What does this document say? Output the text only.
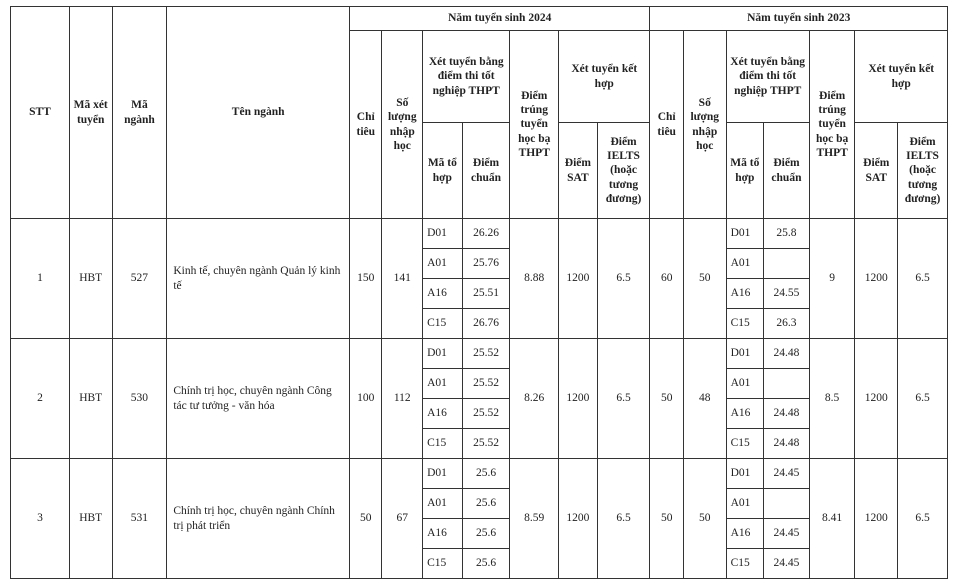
STT	Mã xét tuyển	Mã ngành	Tên ngành	Năm tuyển sinh 2024							Năm tuyển sinh 2023						
				Chỉ tiêu	Số lượng nhập học	Xét tuyển bằng điểm thi tốt nghiệp THPT		Điểm trúng tuyển học bạ THPT	Xét tuyển kết hợp		Chỉ tiêu	Số lượng nhập học	Xét tuyển bằng điểm thi tốt nghiệp THPT		Điểm trúng tuyển học bạ THPT	Xét tuyển kết hợp	
						Mã tổ hợp	Điểm chuẩn		Điểm SAT	Điểm IELTS (hoặc tương đương)			Mã tổ hợp	Điểm chuẩn		Điểm SAT	Điểm IELTS (hoặc tương đương)
1	HBT	527	Kinh tế, chuyên ngành Quản lý kinh tế	150	141	D01	26.26	8.88	1200	6.5	60	50	D01	25.8	9	1200	6.5
						A01	25.76						A01				
						A16	25.51						A16	24.55			
						C15	26.76						C15	26.3			
2	HBT	530	Chính trị học, chuyên ngành Công tác tư tưởng - văn hóa	100	112	D01	25.52	8.26	1200	6.5	50	48	D01	24.48	8.5	1200	6.5
						A01	25.52						A01				
						A16	25.52						A16	24.48			
						C15	25.52						C15	24.48			
3	HBT	531	Chính trị học, chuyên ngành Chính trị phát triển	50	67	D01	25.6	8.59	1200	6.5	50	50	D01	24.45	8.41	1200	6.5
						A01	25.6						A01				
						A16	25.6						A16	24.45			
						C15	25.6						C15	24.45			
